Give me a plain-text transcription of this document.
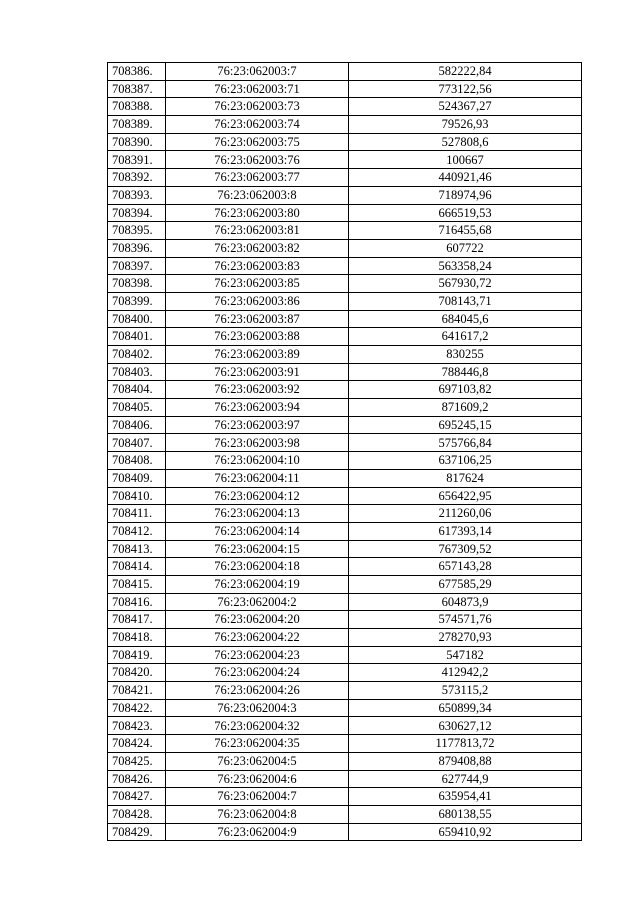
708386.	76:23:062003:7	582222,84
708387.	76:23:062003:71	773122,56
708388.	76:23:062003:73	524367,27
708389.	76:23:062003:74	79526,93
708390.	76:23:062003:75	527808,6
708391.	76:23:062003:76	100667
708392.	76:23:062003:77	440921,46
708393.	76:23:062003:8	718974,96
708394.	76:23:062003:80	666519,53
708395.	76:23:062003:81	716455,68
708396.	76:23:062003:82	607722
708397.	76:23:062003:83	563358,24
708398.	76:23:062003:85	567930,72
708399.	76:23:062003:86	708143,71
708400.	76:23:062003:87	684045,6
708401.	76:23:062003:88	641617,2
708402.	76:23:062003:89	830255
708403.	76:23:062003:91	788446,8
708404.	76:23:062003:92	697103,82
708405.	76:23:062003:94	871609,2
708406.	76:23:062003:97	695245,15
708407.	76:23:062003:98	575766,84
708408.	76:23:062004:10	637106,25
708409.	76:23:062004:11	817624
708410.	76:23:062004:12	656422,95
708411.	76:23:062004:13	211260,06
708412.	76:23:062004:14	617393,14
708413.	76:23:062004:15	767309,52
708414.	76:23:062004:18	657143,28
708415.	76:23:062004:19	677585,29
708416.	76:23:062004:2	604873,9
708417.	76:23:062004:20	574571,76
708418.	76:23:062004:22	278270,93
708419.	76:23:062004:23	547182
708420.	76:23:062004:24	412942,2
708421.	76:23:062004:26	573115,2
708422.	76:23:062004:3	650899,34
708423.	76:23:062004:32	630627,12
708424.	76:23:062004:35	1177813,72
708425.	76:23:062004:5	879408,88
708426.	76:23:062004:6	627744,9
708427.	76:23:062004:7	635954,41
708428.	76:23:062004:8	680138,55
708429.	76:23:062004:9	659410,92
